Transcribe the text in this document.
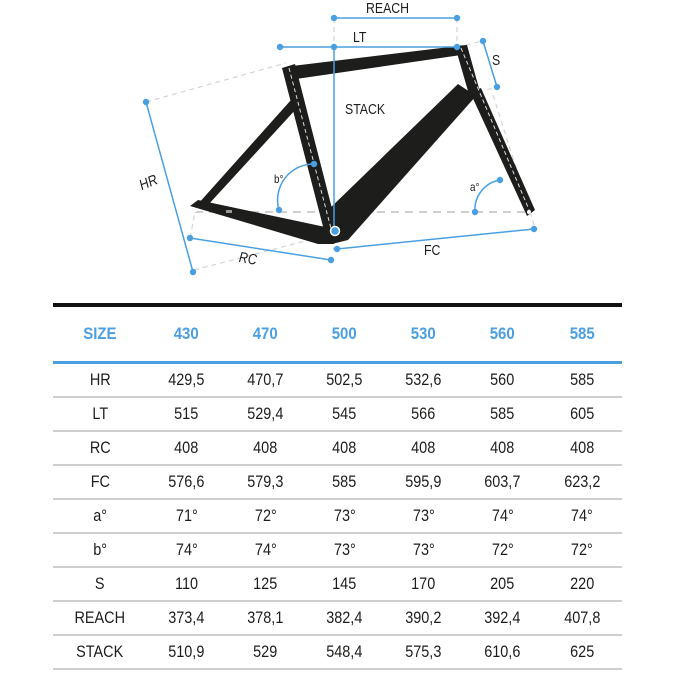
REACH
LT
S
STACK
HR	b°
a°
RC	FC
SIZE	430	470	500	530	560	585
HR	429,5	470,7	502,5	532,6	560	585
LT	515	529,4	545	566	585	605
RC	408	408	408	408	408	408
FC	576,6	579,3	585	595,9	603,7	623,2
a°	71°	72°	73°	73°	74°	74°
b°	74°	74°	73°	73°	72°	72°
S	110	125	145	170	205	220
REACH	373,4	378,1	382,4	390,2	392,4	407,8
STACK	510,9	529	548,4	575,3	610,6	625
